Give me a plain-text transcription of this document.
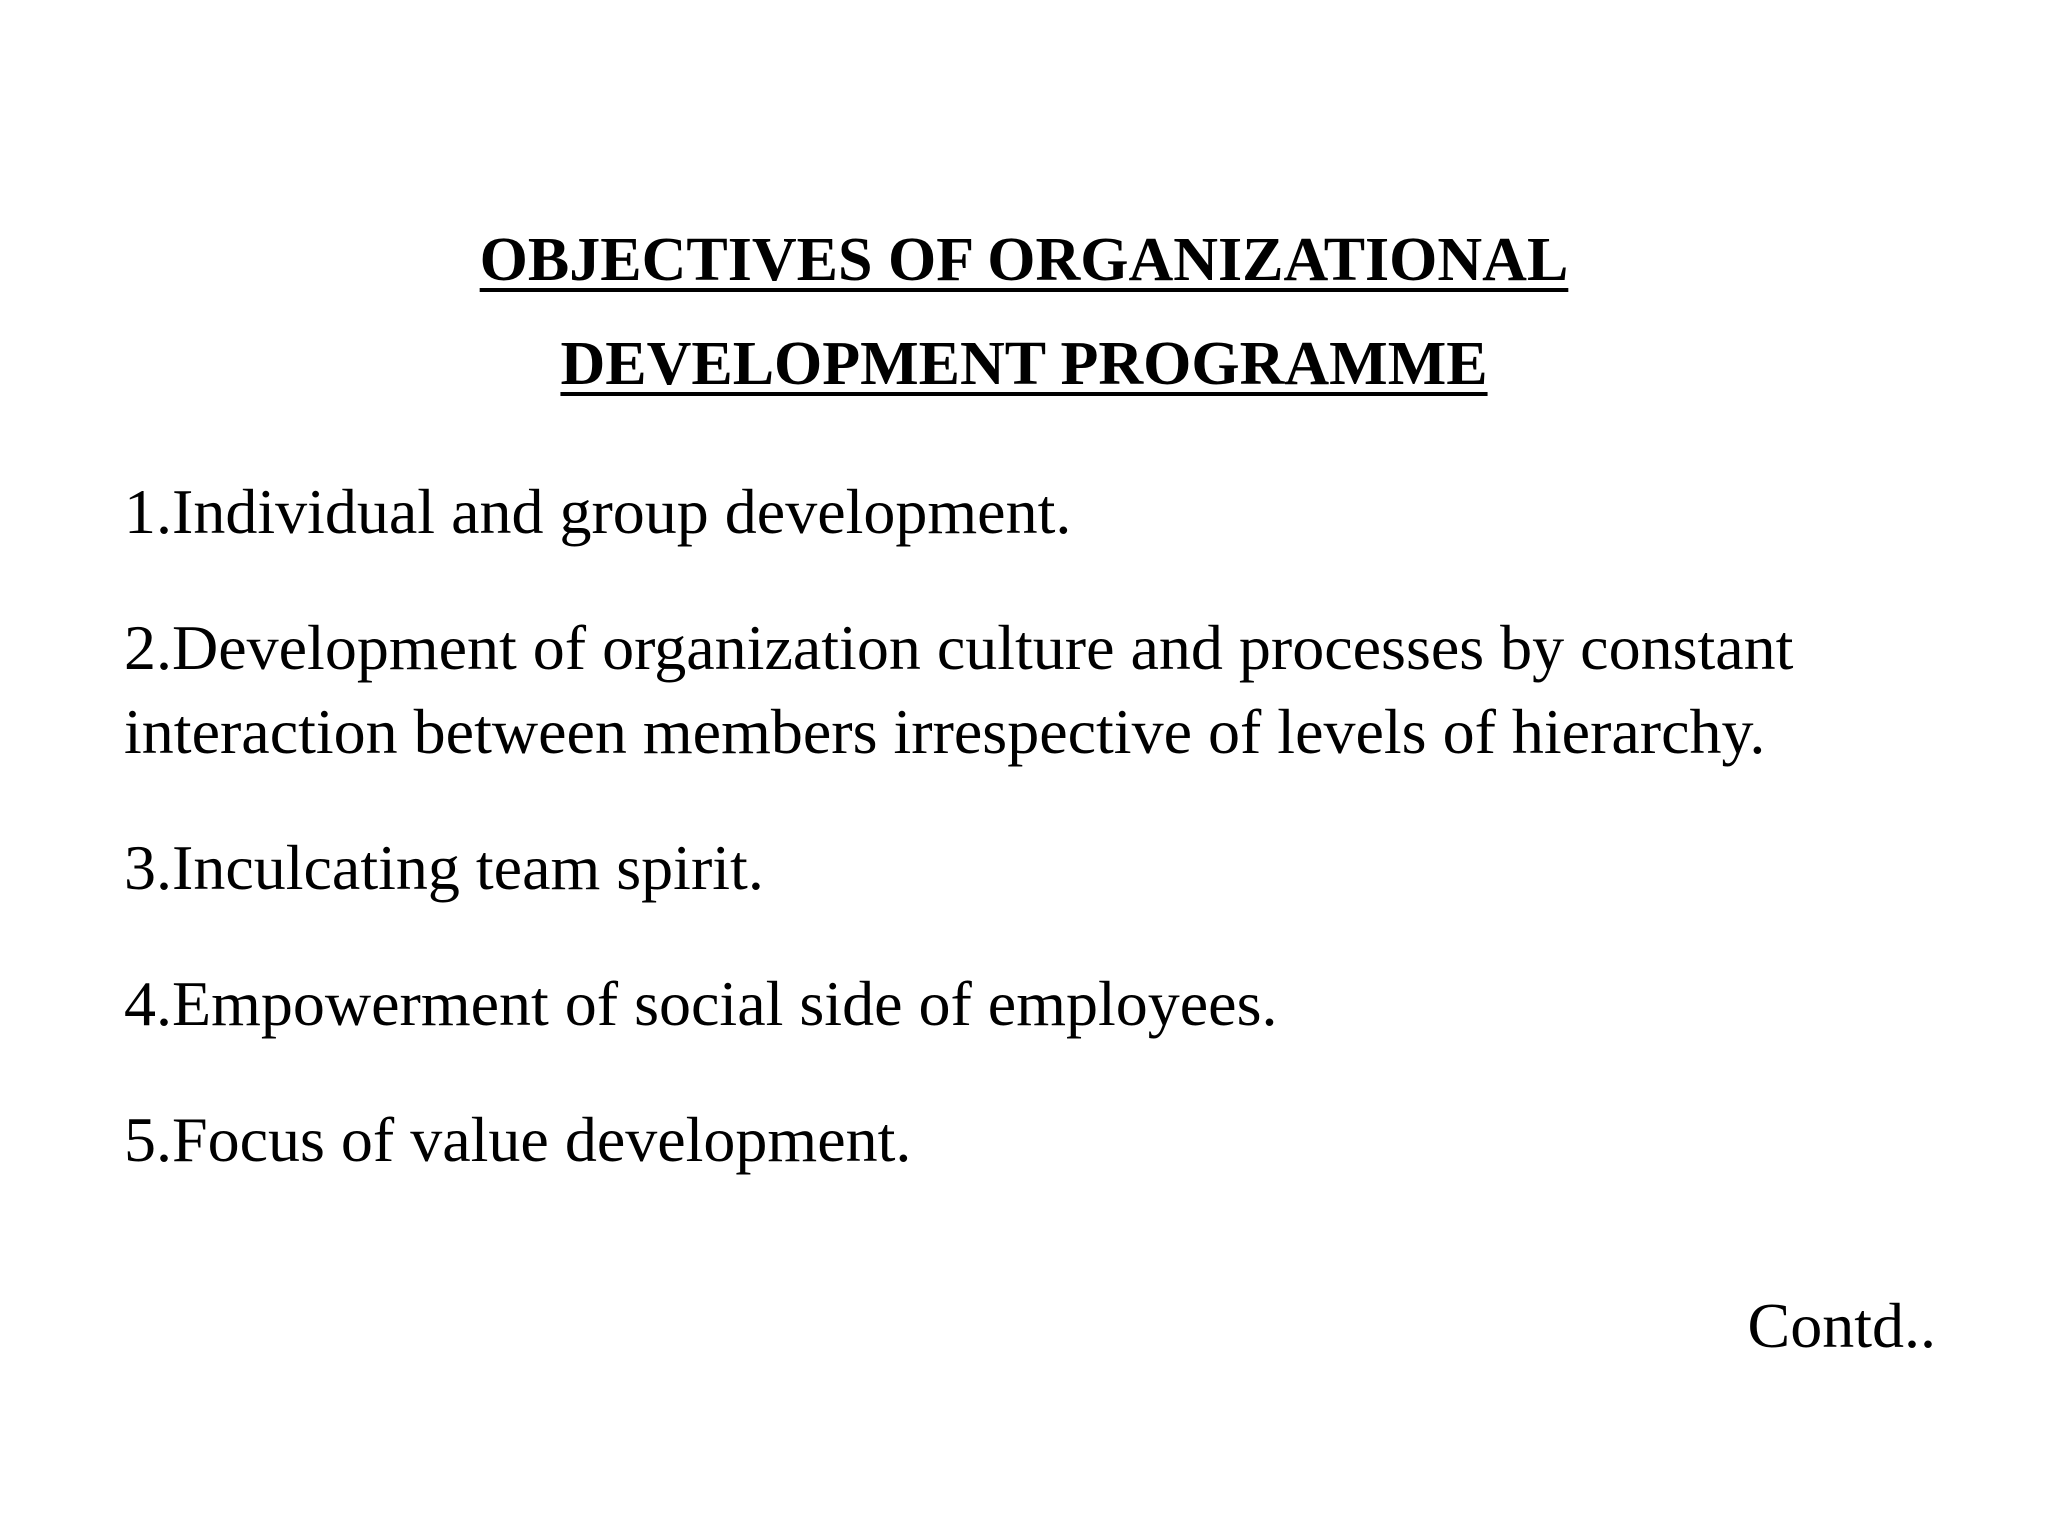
OBJECTIVES OF ORGANIZATIONAL
DEVELOPMENT PROGRAMME
1.Individual and group development.
2.Development of organization culture and processes by constant interaction between members irrespective of levels of hierarchy.
3.Inculcating team spirit.
4.Empowerment of social side of employees.
5.Focus of value development.
Contd..
